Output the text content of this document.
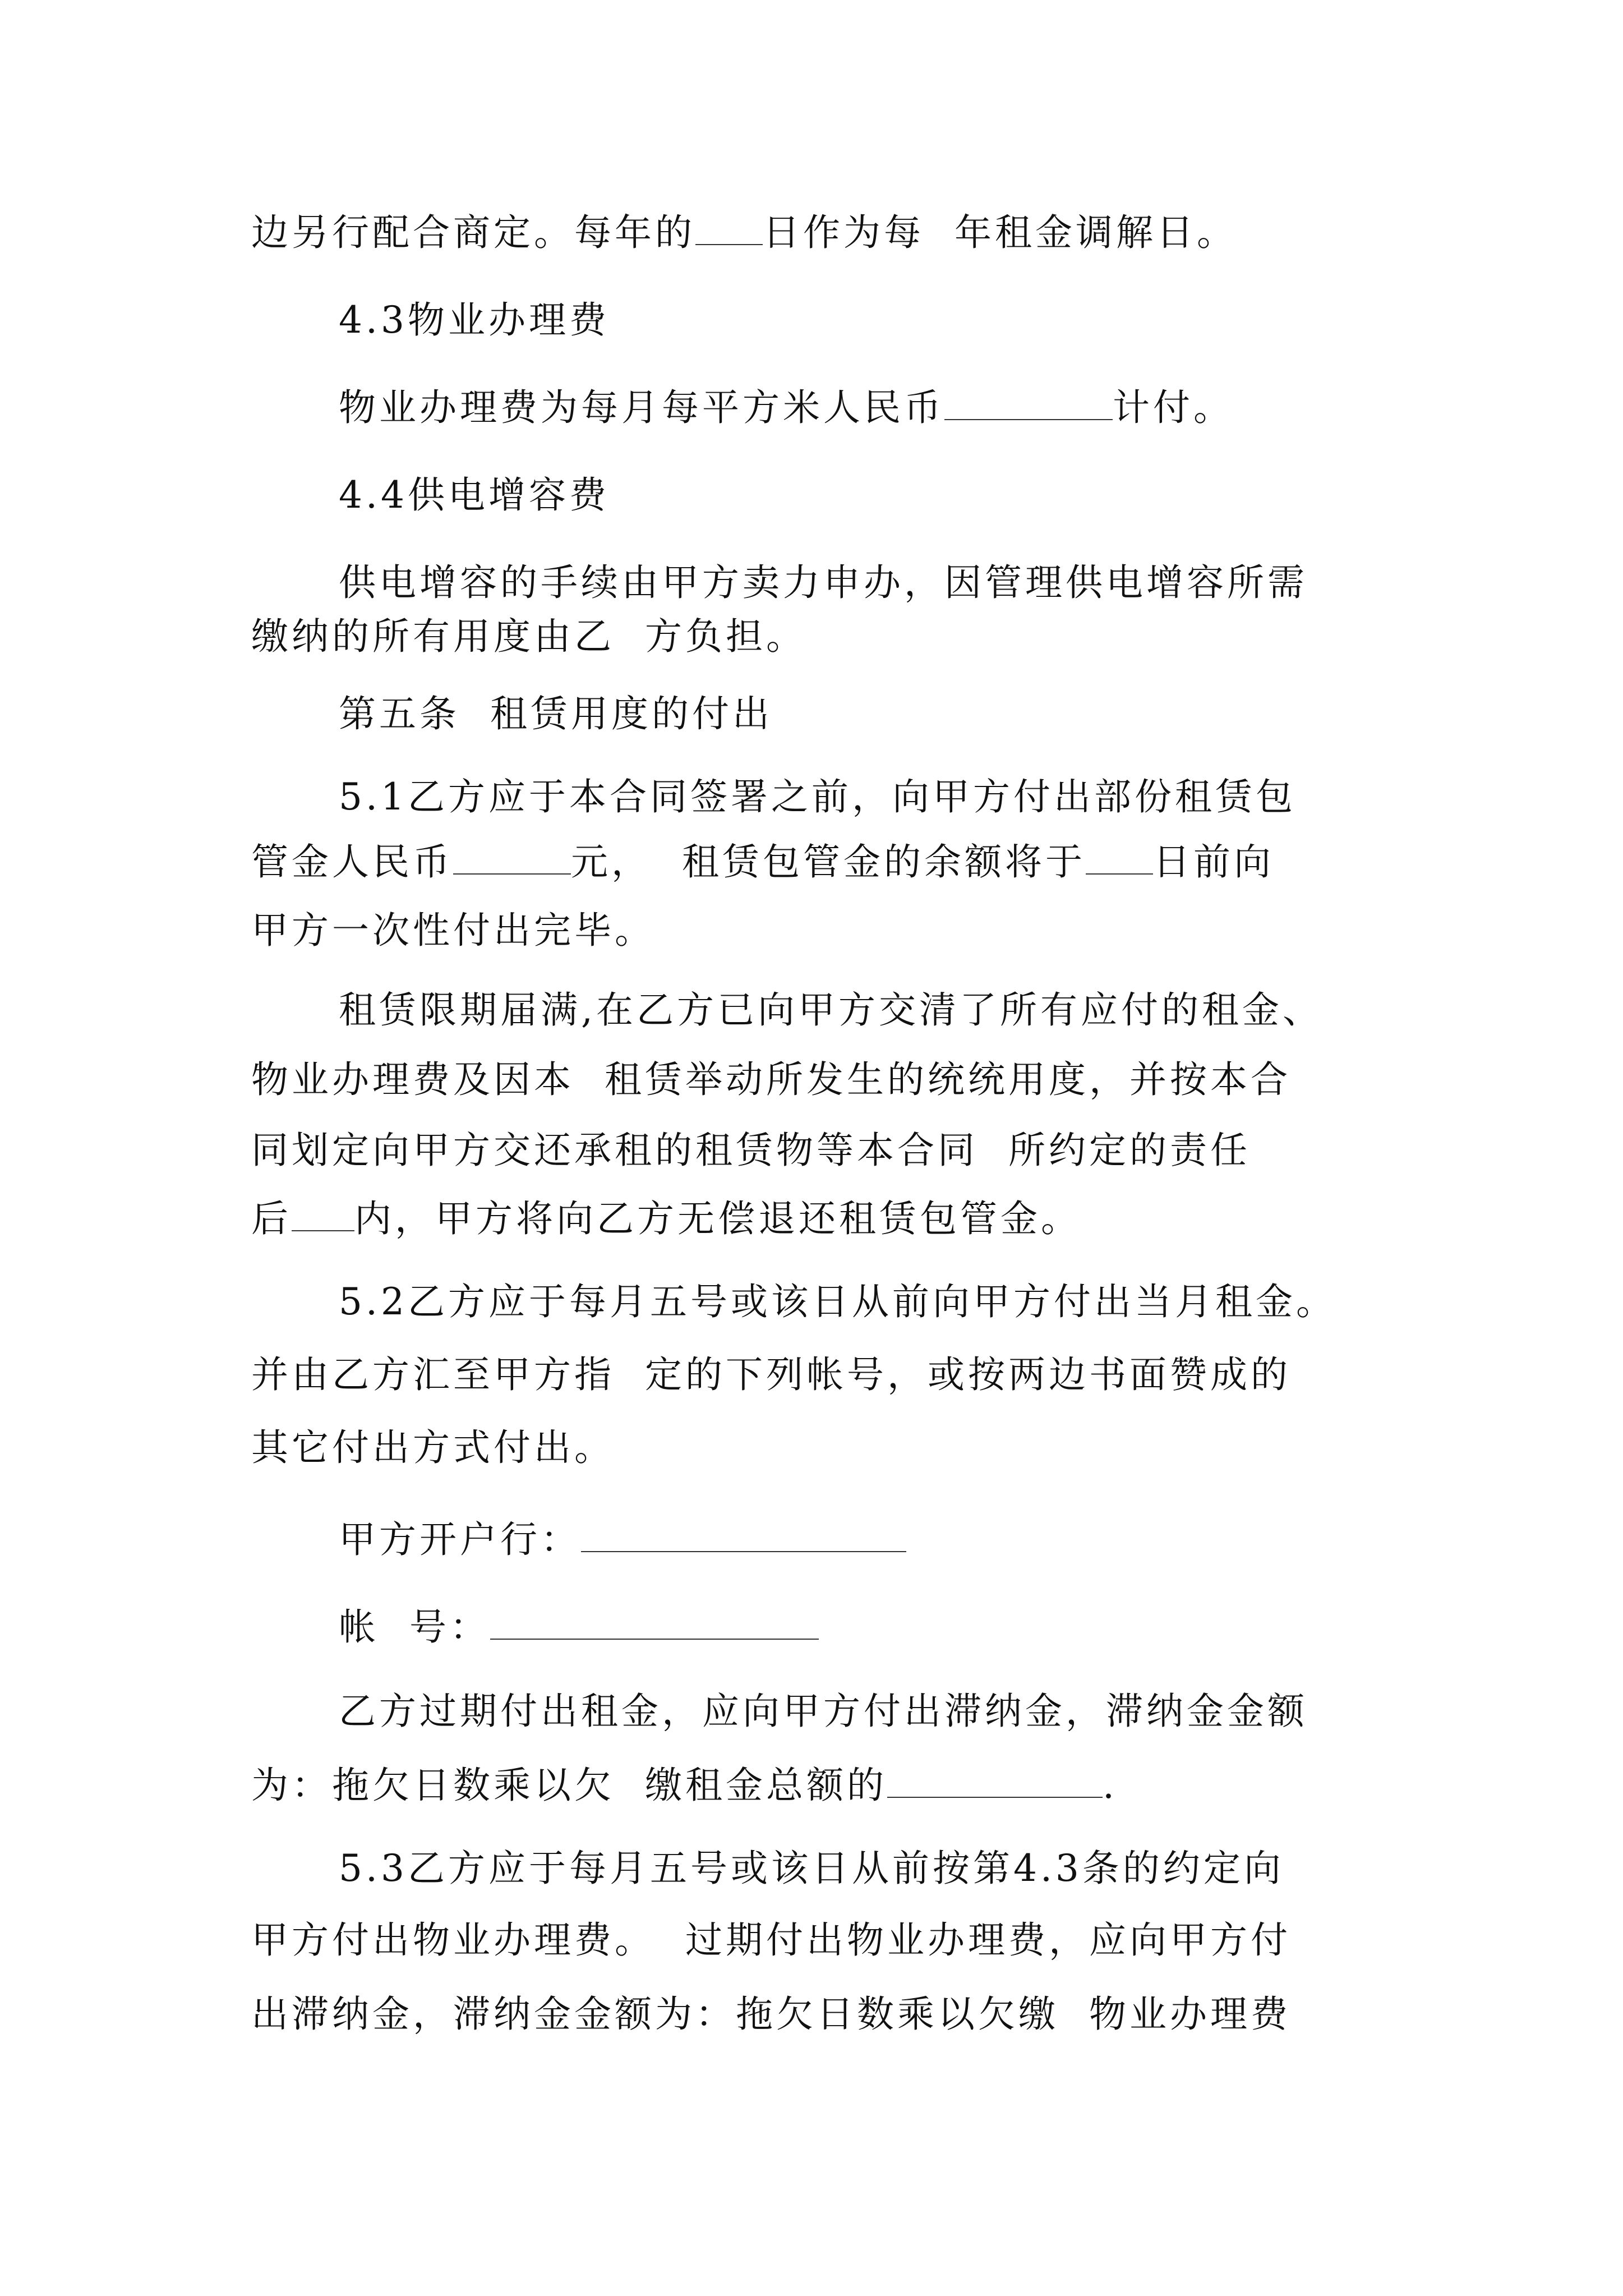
边另行配合商定。每年的 日作为每  年租金调解日。
4.3物业办理费
物业办理费为每月每平方米人民币	计付。
4.4供电增容费
供电增容的手续由甲方卖力申办，因管理供电增容所需
缴纳的所有用度由乙  方负担。
第五条  租赁用度的付出
5.1乙方应于本合同签署之前，向甲方付出部份租赁包
管金人民币	元，  租赁包管金的余额将于 日前向
甲方一次性付出完毕。
租赁限期届满,在乙方已向甲方交清了所有应付的租金、
物业办理费及因本  租赁举动所发生的统统用度，并按本合
同划定向甲方交还承租的租赁物等本合同  所约定的责任
后 内，甲方将向乙方无偿退还租赁包管金。
5.2乙方应于每月五号或该日从前向甲方付出当月租金。
并由乙方汇至甲方指  定的下列帐号，或按两边书面赞成的
其它付出方式付出。
甲方开户行：
帐  号：
乙方过期付出租金，应向甲方付出滞纳金，滞纳金金额
为：拖欠日数乘以欠  缴租金总额的	.
5.3乙方应于每月五号或该日从前按第4.3条的约定向
甲方付出物业办理费。  过期付出物业办理费，应向甲方付
出滞纳金，滞纳金金额为：拖欠日数乘以欠缴  物业办理费
